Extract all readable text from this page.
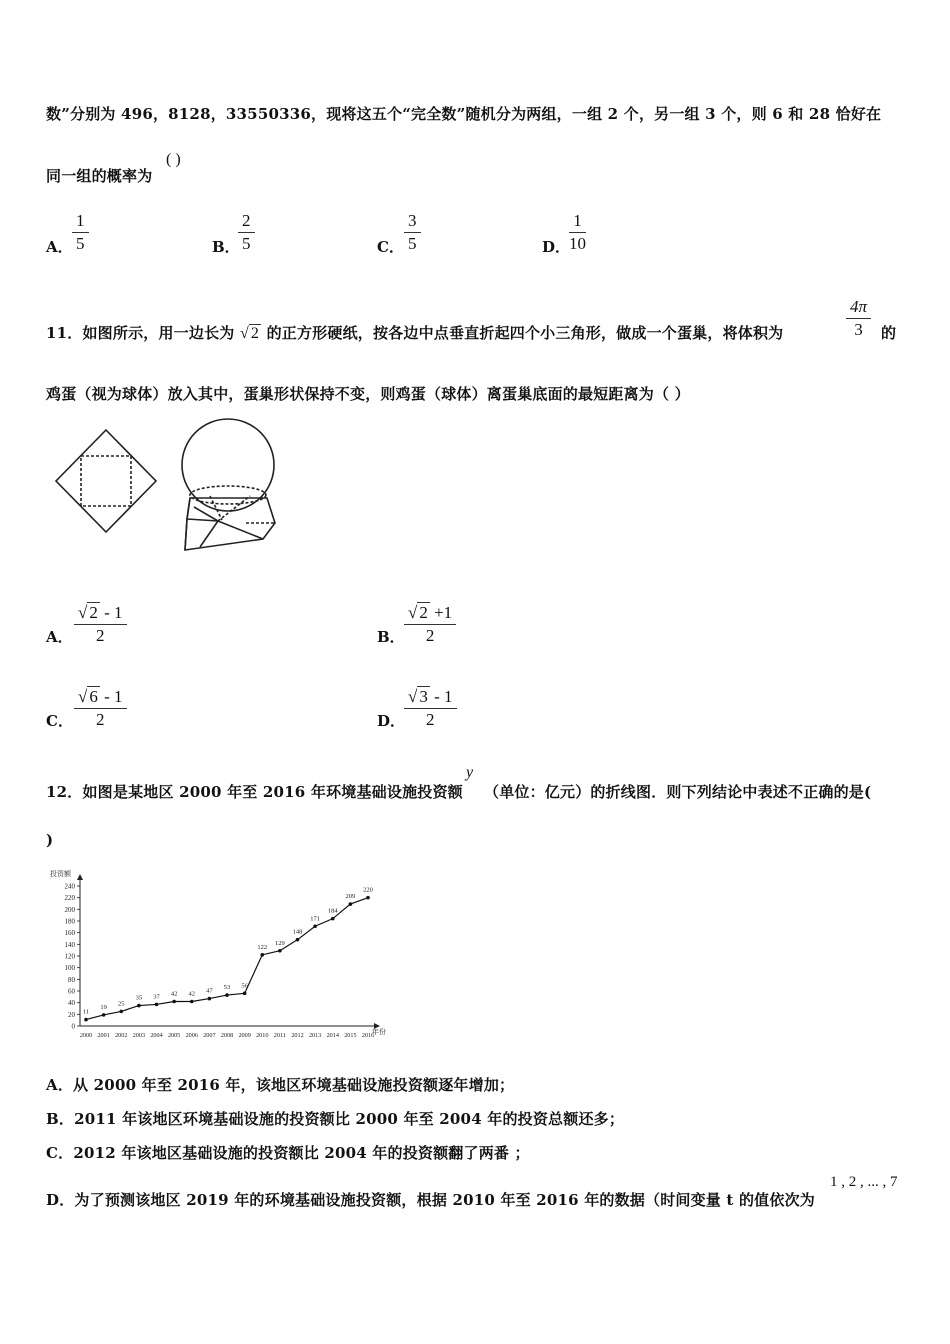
数”分别为 496，8128，33550336，现将这五个“完全数”随机分为两组，一组 2 个，另一组 3 个，则 6 和 28 恰好在
同一组的概率为
( )
A．
1
5	B．
2
5	C．
3
5	D．
1
10
11．如图所示，用一边长为 √ 2 的正方形硬纸，按各边中点垂直折起四个小三角形，做成一个蛋巢，将体积为
4π
3	的
鸡蛋（视为球体）放入其中，蛋巢形状保持不变，则鸡蛋（球体）离蛋巢底面的最短距离为（ ）
A．
√ 2 - 1
2	B．
√ 2 +1
2
C．
√ 6 - 1
2	D．
√ 3 - 1
2
12．如图是某地区 2000 年至 2016 年环境基础设施投资额
y
（单位：亿元）的折线图．则下列结论中表述不正确的是(
)
投资额
年份
0
20
40
60
80
100
120
140
160
180
200
220
240
2000 2001 2002 2003 2004 2005 2006 2007 2008 2009 2010 2011 2012 2013 2014 2015 2016
11
19 25
35 37 42 42 47 53 56
122
129
148
171
184
209
220
A．从 2000 年至 2016 年，该地区环境基础设施投资额逐年增加；
B．2011 年该地区环境基础设施的投资额比 2000 年至 2004 年的投资总额还多；
C．2012 年该地区基础设施的投资额比 2004 年的投资额翻了两番 ；
D．为了预测该地区 2019 年的环境基础设施投资额，根据 2010 年至 2016 年的数据（时间变量 t 的值依次为
1 , 2 , ... , 7
